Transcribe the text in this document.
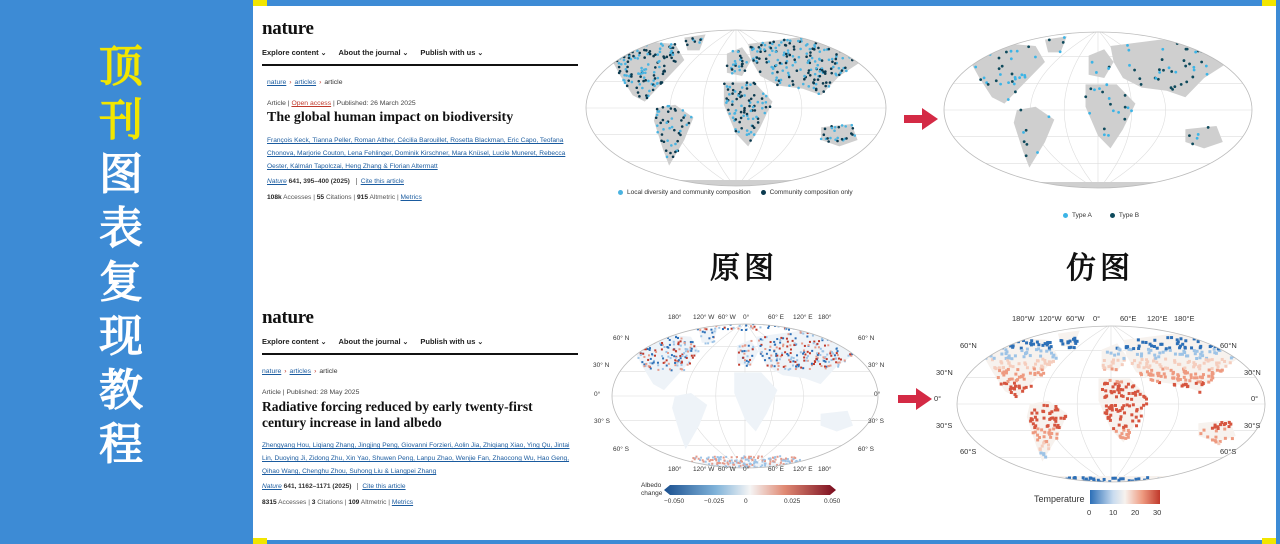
顶
刊
图
表
复
现
教
程
nature
Explore content ⌄	About the journal ⌄	Publish with us ⌄
nature › articles › article
Article | Open access | Published: 26 March 2025
The global human impact on biodiversity
François Keck, Tianna Peller, Roman Alther, Cécilia Barouillet, Rosetta Blackman, Eric Capo, Teofana
Chonova, Marjorie Couton, Lena Fehlinger, Dominik Kirschner, Mara Knüsel, Lucile Muneret, Rebecca
Oester, Kálmán Tapolczai, Heng Zhang & Florian Altermatt
Nature 641, 395–400 (2025) Cite this article
108k Accesses | 55 Citations | 915 Altmetric | Metrics
nature
Explore content ⌄	About the journal ⌄	Publish with us ⌄
nature › articles › article
Article | Published: 28 May 2025
Radiative forcing reduced by early twenty-first century increase in land albedo
Zhengyang Hou, Liqiang Zhang, Jingjing Peng, Giovanni Forzieri, Aolin Jia, Zhiqiang Xiao, Ying Qu, Jintai
Lin, Duoying Ji, Zidong Zhu, Xin Yao, Shuwen Peng, Lanpu Zhao, Wenjie Fan, Zhaocong Wu, Hao Geng,
Qihao Wang, Chenghu Zhou, Suhong Liu & Liangpei Zhang
Nature 641, 1162–1171 (2025) Cite this article
8315 Accesses | 3 Citations | 109 Altmetric | Metrics
Local diversity and community composition	Community composition only
Type A	Type B
原图	仿图
Albedo
change
Temperature
180°
180°
120° W
120° W
60° W
60° W
0°
0°
60° E
60° E
120° E
120° E
180°
180°
60° N
30° N
0°
30° S
60° S
60° N
30° N
0°
30° S
60° S
−0.050	−0.025	0	0.025	0.050
180°W 120°W 60°W 0°	60°E 120°E 180°E
60°N
30°N
0°
30°S
60°S
60°N
30°N
0°
30°S
60°S
0 10 20 30
